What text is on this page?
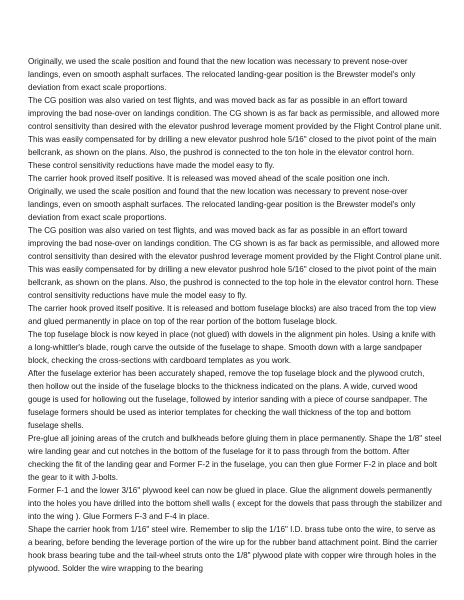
Originally, we used the scale position and found that the new location was necessary to prevent nose-over landings, even on smooth asphalt surfaces. The relocated landing-gear position is the Brewster model's only deviation from exact scale proportions.

The CG position was also varied on test flights, and was moved back as far as possible in an effort toward improving the bad nose-over on landings condition. The CG shown is as far back as permissible, and allowed more control sensitivity than desired with the elevator pushrod leverage moment provided by the Flight Control plane unit. This was easily compensated for by drilling a new elevator pushrod hole 5/16" closed to the pivot point of the main bellcrank, as shown on the plans. Also, the pushrod is connected to the ton hole in the elevator control horn.

These control sensitivity reductions have made the model easy to fly.

The carrier hook proved itself positive. It is released was moved ahead of the scale position one inch.

Originally, we used the scale position and found that the new location was necessary to prevent nose-over landings, even on smooth asphalt surfaces. The relocated landing-gear position is the Brewster model's only deviation from exact scale proportions.

The CG position was also varied on test flights, and was moved back as far as possible in an effort toward improving the bad nose-over on landings condition. The CG shown is as far back as permissible, and allowed more control sensitivity than desired with the elevator pushrod leverage moment provided by the Flight Control plane unit. This was easily compensated for by drilling a new elevator pushrod hole 5/16" closed to the pivot point of the main bellcrank, as shown on the plans. Also, the pushrod is connected to the top hole in the elevator control horn. These control sensitivity reductions have mule the model easy to fly.

The carrier hook proved itself positive. It is released and bottom fuselage blocks) are also traced from the top view and glued permanently in place on top of the rear portion of the bottom fuselage block.

The top fuselage block is now keyed in place (not glued) with dowels in the alignment pin holes. Using a knife with a long-whittler's blade, rough carve the outside of the fuselage to shape. Smooth down with a large sandpaper block, checking the cross-sections with cardboard templates as you work.

After the fuselage exterior has been accurately shaped, remove the top fuselage block and the plywood crutch, then hollow out the inside of the fuselage blocks to the thickness indicated on the plans. A wide, curved wood gouge is used for hollowing out the fuselage, followed by interior sanding with a piece of course sandpaper. The fuselage formers should be used as interior templates for checking the wall thickness of the top and bottom fuselage shells.

Pre-glue all joining areas of the crutch and bulkheads before gluing them in place permanently. Shape the 1/8" steel wire landing gear and cut notches in the bottom of the fuselage for it to pass through from the bottom. After checking the fit of the landing gear and Former F-2 in the fuselage, you can then glue Former F-2 in place and bolt the gear to it with J-bolts.

Former F-1 and the lower 3/16" plywood keel can now be glued in place. Glue the alignment dowels permanently into the holes you have drilled into the bottom shell walls ( except for the dowels that pass through the stabilizer and into the wing ). Glue Formers F-3 and F-4 in place.

Shape the carrier hook from 1/16" steel wire. Remember to slip the 1/16" I.D. brass tube onto the wire, to serve as a bearing, before bending the leverage portion of the wire up for the rubber band attachment point. Bind the carrier hook brass bearing tube and the tail-wheel struts onto the 1/8" plywood plate with copper wire through holes in the plywood. Solder the wire wrapping to the bearing
